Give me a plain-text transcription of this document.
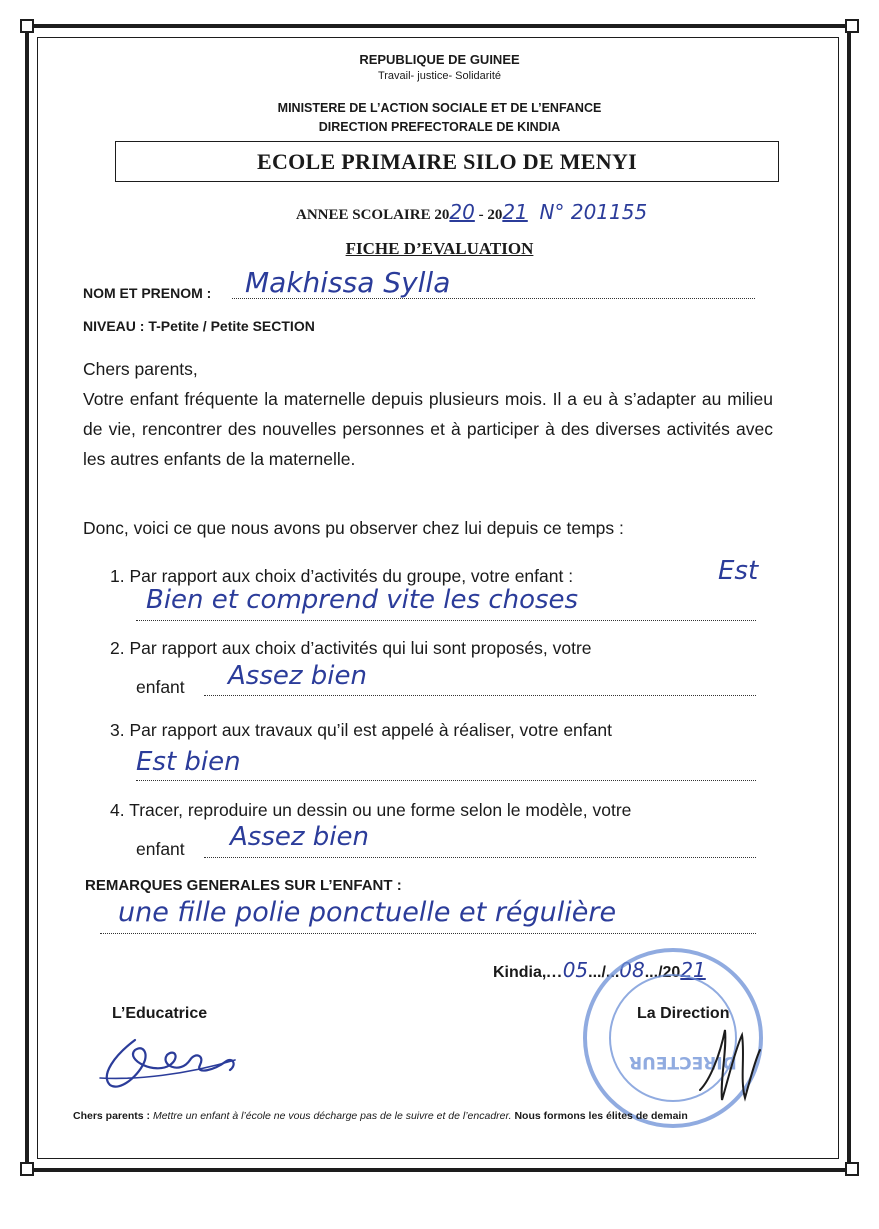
REPUBLIQUE DE GUINEE
Travail- justice- Solidarité
MINISTERE DE L’ACTION SOCIALE ET DE L’ENFANCE
DIRECTION PREFECTORALE DE KINDIA
ECOLE PRIMAIRE SILO DE MENYI
ANNEE SCOLAIRE 2020 - 2021 N° 201155
FICHE D’EVALUATION
NOM ET PRENOM : Makhissa Sylla
NIVEAU : T-Petite / Petite SECTION
Chers parents,
Votre enfant fréquente la maternelle depuis plusieurs mois. Il a eu à s’adapter au milieu de vie, rencontrer des nouvelles personnes et à participer à des diverses activités avec les autres enfants de la maternelle.
Donc, voici ce que nous avons pu observer chez lui depuis ce temps :
1. Par rapport aux choix d’activités du groupe, votre enfant :	Est
Bien et comprend vite les choses
2. Par rapport aux choix d’activités qui lui sont proposés, votre
enfant Assez bien
3. Par rapport aux travaux qu’il est appelé à réaliser, votre enfant
Est bien
4. Tracer, reproduire un dessin ou une forme selon le modèle, votre
enfant Assez bien
REMARQUES GENERALES SUR L’ENFANT :
une fille polie ponctuelle et régulière
Kindia,...05.../...08.../2021
DIRECTEUR
L’Educatrice	La Direction
Chers parents : Mettre un enfant à l’école ne vous décharge pas de le suivre et de l’encadrer. Nous formons les élites de demain
